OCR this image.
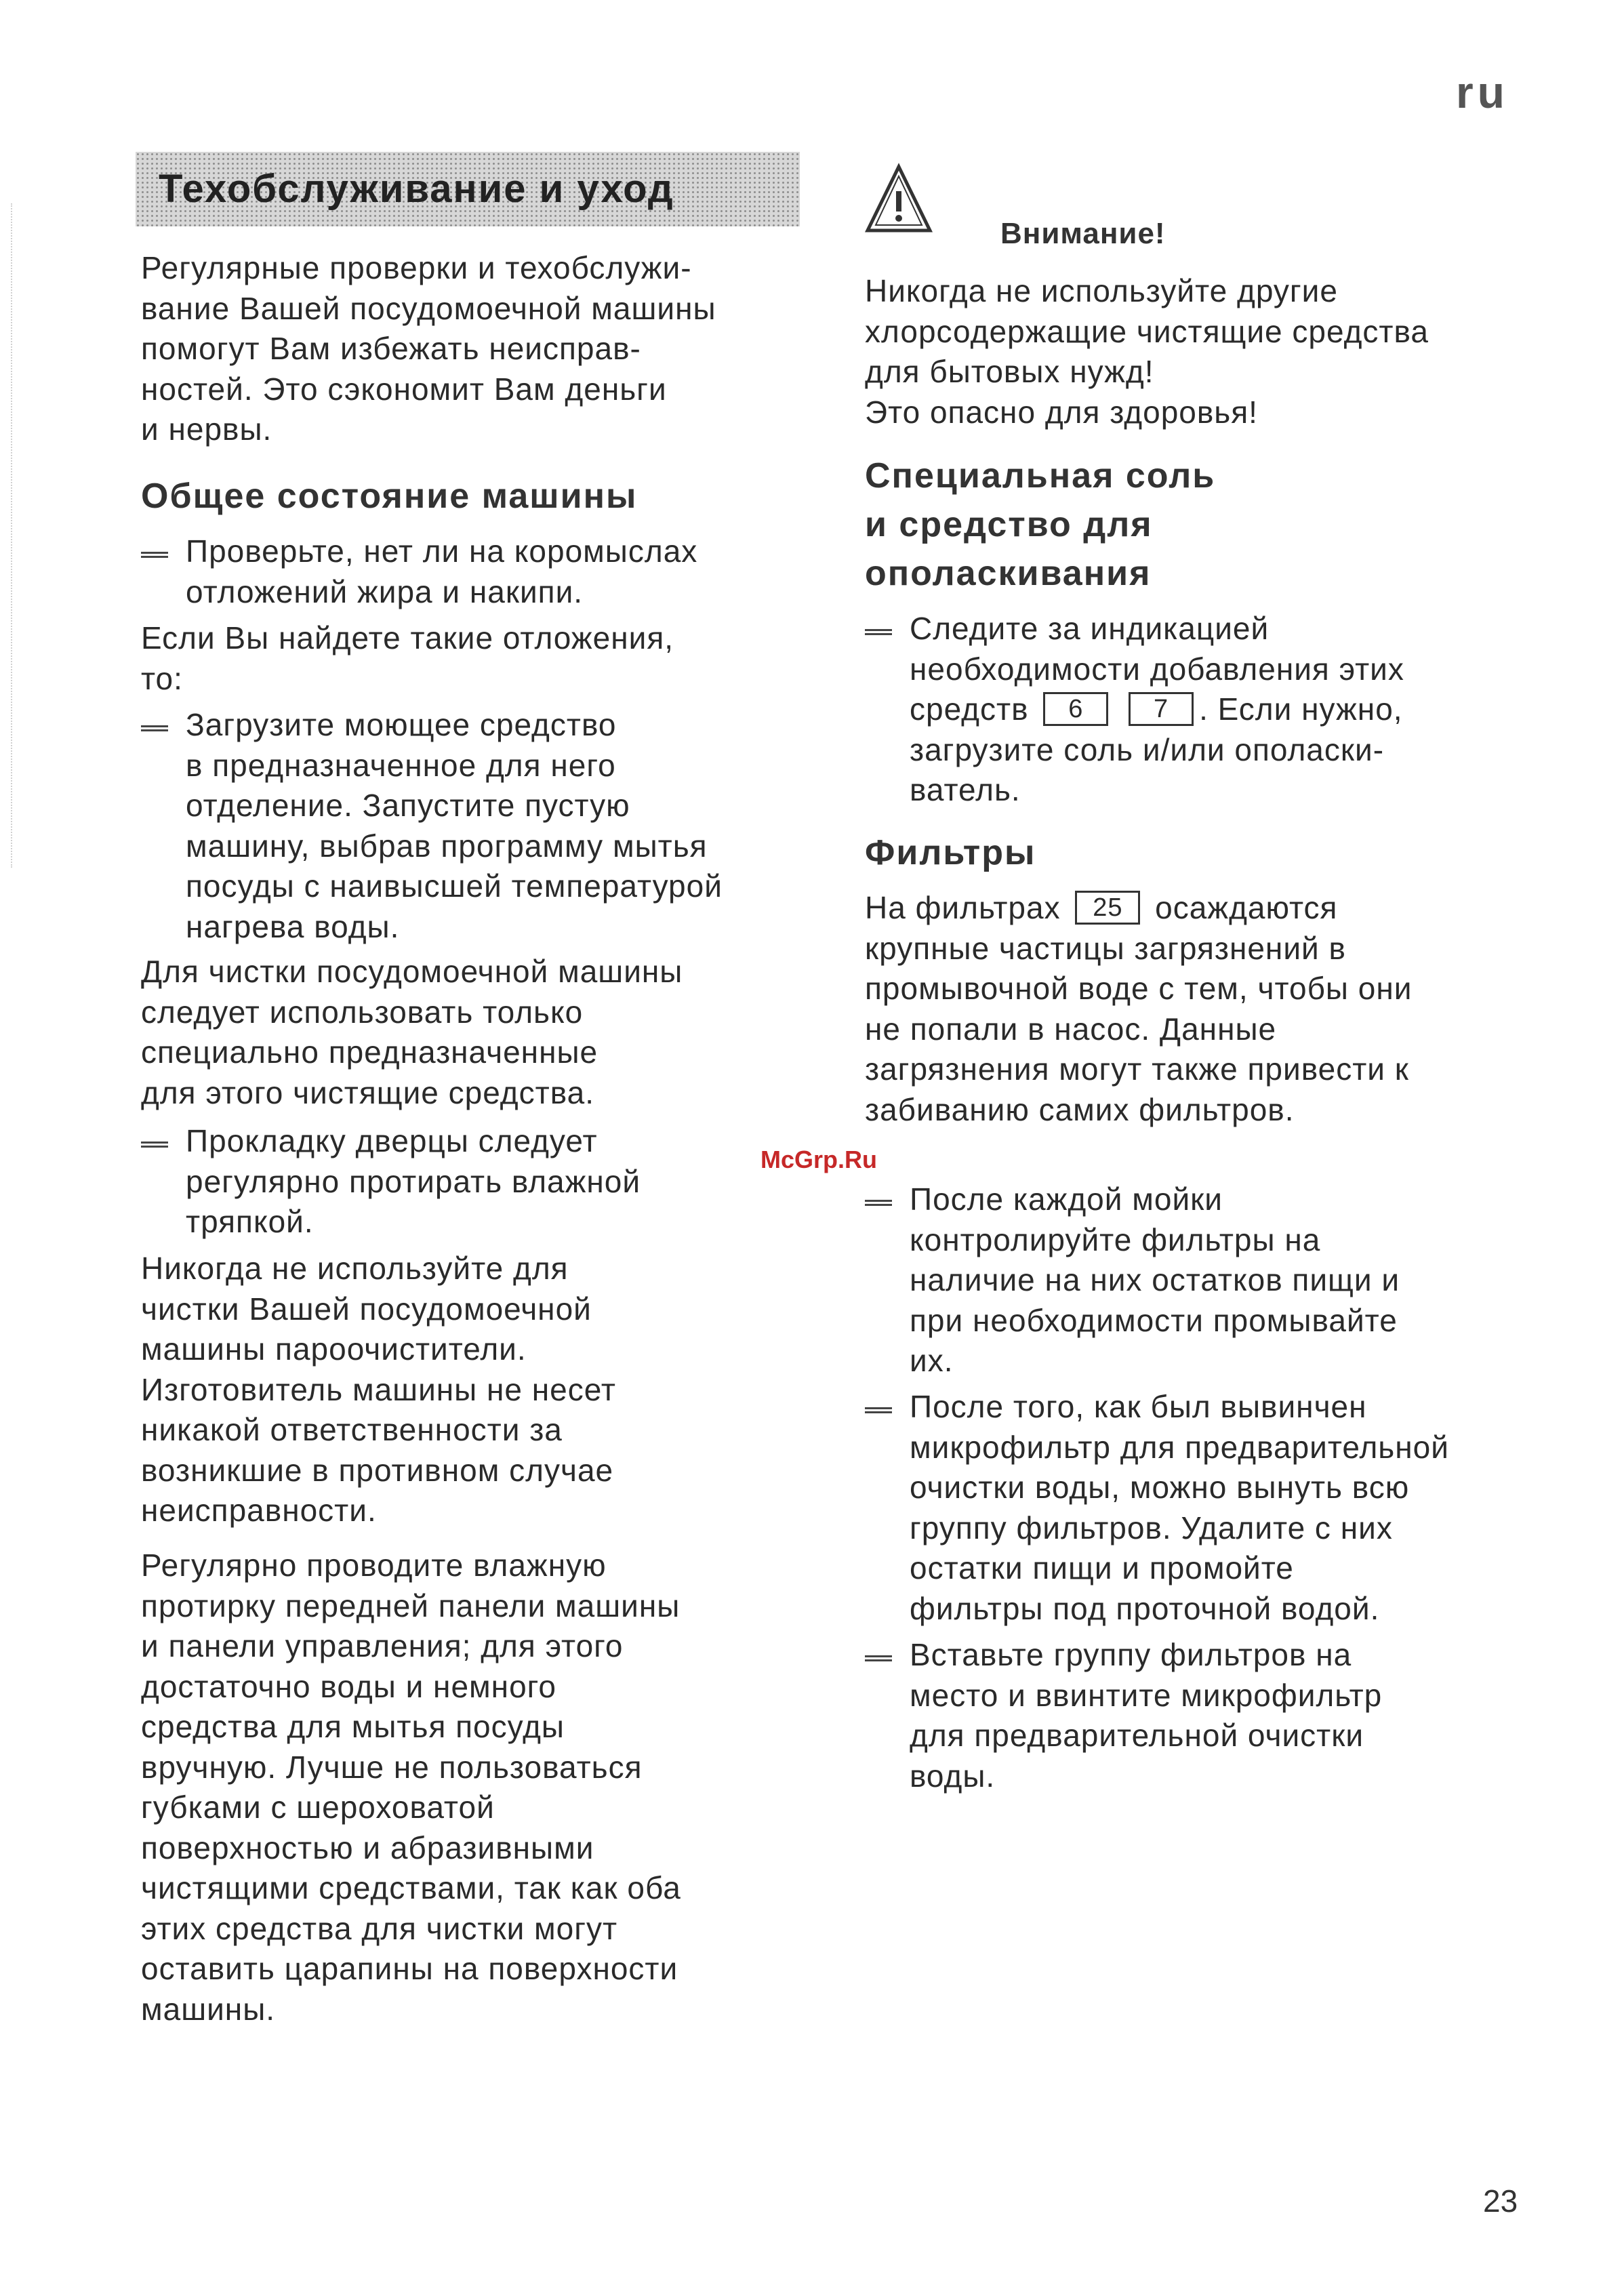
ru
Техобслуживание и уход
Регулярные проверки и техобслужи-
вание Вашей посудомоечной машины
помогут Вам избежать неисправ-
ностей. Это сэкономит Вам деньги
и нервы.
Общее состояние машины
Проверьте, нет ли на коромыслах
отложений жира и накипи.
Если Вы найдете такие отложения,
то:
Загрузите моющее средство
в предназначенное для него
отделение. Запустите пустую
машину, выбрав программу мытья
посуды с наивысшей температурой
нагрева воды.
Для чистки посудомоечной машины
следует использовать только
специально предназначенные
для этого чистящие средства.
Прокладку дверцы следует
регулярно протирать влажной
тряпкой.
Никогда не используйте для
чистки Вашей посудомоечной
машины пароочистители.
Изготовитель машины не несет
никакой ответственности за
возникшие в противном случае
неисправности.
Регулярно проводите влажную
протирку передней панели машины
и панели управления; для этого
достаточно воды и немного
средства для мытья посуды
вручную. Лучше не пользоваться
губками с шероховатой
поверхностью и абразивными
чистящими средствами, так как оба
этих средства для чистки могут
оставить царапины на поверхности
машины.
Внимание!
Никогда не используйте другие
хлорсодержащие чистящие средства
для бытовых нужд!
Это опасно для здоровья!
Специальная соль
и средство для
ополаскивания
Следите за индикацией
необходимости добавления этих
средств 6	7 . Если нужно,
загрузите соль и/или ополаски-
ватель.
Фильтры
На фильтрах 25 осаждаются
крупные частицы загрязнений в
промывочной воде с тем, чтобы они
не попали в насос. Данные
загрязнения могут также привести к
забиванию самих фильтров.
После каждой мойки
контролируйте фильтры на
наличие на них остатков пищи и
при необходимости промывайте
их.
После того, как был вывинчен
микрофильтр для предварительной
очистки воды, можно вынуть всю
группу фильтров. Удалите с них
остатки пищи и промойте
фильтры под проточной водой.
Вставьте группу фильтров на
место и ввинтите микрофильтр
для предварительной очистки
воды.
McGrp.Ru
23
